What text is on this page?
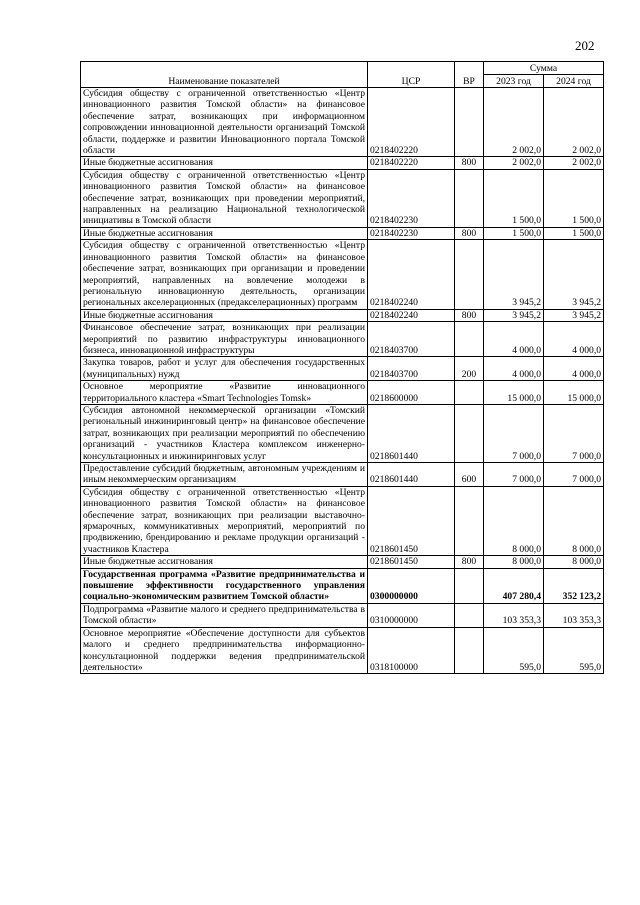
202
Наименование показателей	ЦСР	ВР	Сумма	
			2023 год	2024 год
Субсидия обществу с ограниченной ответственностью «Центр инновационного развития Томской области» на финансовое обеспечение затрат, возникающих при информационном сопровождении инновационной деятельности организаций Томской области, поддержке и развитии Инновационного портала Томской области	0218402220		2 002,0	2 002,0
Иные бюджетные ассигнования	0218402220	800	2 002,0	2 002,0
Субсидия обществу с ограниченной ответственностью «Центр инновационного развития Томской области» на финансовое обеспечение затрат, возникающих при проведении мероприятий, направленных на реализацию Национальной технологической инициативы в Томской области	0218402230		1 500,0	1 500,0
Иные бюджетные ассигнования	0218402230	800	1 500,0	1 500,0
Субсидия обществу с ограниченной ответственностью «Центр инновационного развития Томской области» на финансовое обеспечение затрат, возникающих при организации и проведении мероприятий, направленных на вовлечение молодежи в региональную инновационную деятельность, организации региональных акселерационных (предакселерационных) программ	0218402240		3 945,2	3 945,2
Иные бюджетные ассигнования	0218402240	800	3 945,2	3 945,2
Финансовое обеспечение затрат, возникающих при реализации мероприятий по развитию инфраструктуры инновационного бизнеса, инновационной инфраструктуры	0218403700		4 000,0	4 000,0
Закупка товаров, работ и услуг для обеспечения государственных (муниципальных) нужд	0218403700	200	4 000,0	4 000,0
Основное мероприятие «Развитие инновационного территориального кластера «Smart Technologies Tomsk»	0218600000		15 000,0	15 000,0
Субсидия автономной некоммерческой организации «Томский региональный инжиниринговый центр» на финансовое обеспечение затрат, возникающих при реализации мероприятий по обеспечению организаций - участников Кластера комплексом инженерно-консультационных и инжиниринговых услуг	0218601440		7 000,0	7 000,0
Предоставление субсидий бюджетным, автономным учреждениям и иным некоммерческим организациям	0218601440	600	7 000,0	7 000,0
Субсидия обществу с ограниченной ответственностью «Центр инновационного развития Томской области» на финансовое обеспечение затрат, возникающих при реализации выставочно-ярмарочных, коммуникативных мероприятий, мероприятий по продвижению, брендированию и рекламе продукции организаций - участников Кластера	0218601450		8 000,0	8 000,0
Иные бюджетные ассигнования	0218601450	800	8 000,0	8 000,0
Государственная программа «Развитие предпринимательства и повышение эффективности государственного управления социально-экономическим развитием Томской области»	0300000000		407 280,4	352 123,2
Подпрограмма «Развитие малого и среднего предпринимательства в Томской области»	0310000000		103 353,3	103 353,3
Основное мероприятие «Обеспечение доступности для субъектов малого и среднего предпринимательства информационно-консультационной поддержки ведения предпринимательской деятельности»	0318100000		595,0	595,0
